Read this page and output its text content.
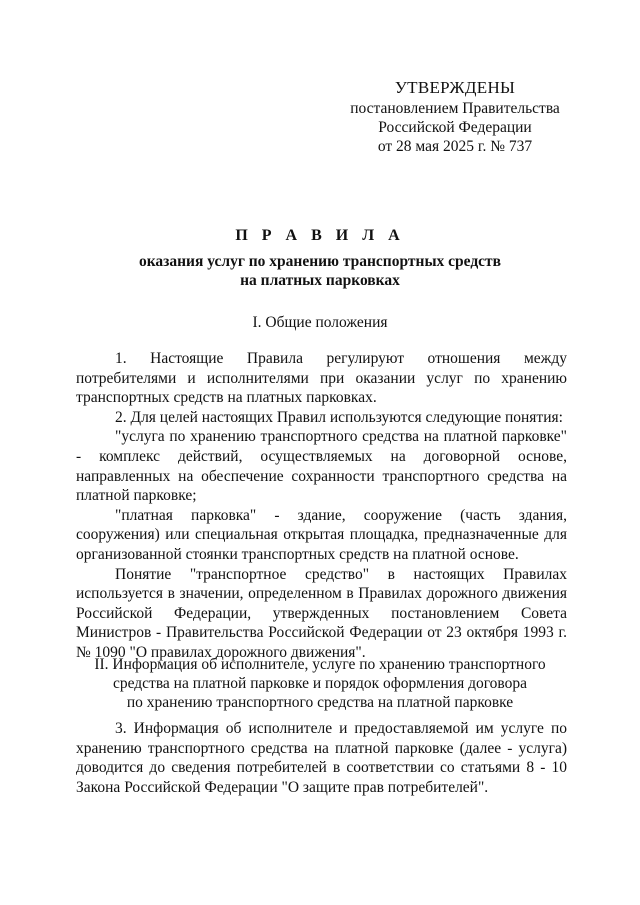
УТВЕРЖДЕНЫ
постановлением Правительства
Российской Федерации
от 28 мая 2025 г. № 737
П Р А В И Л А
оказания услуг по хранению транспортных средств
на платных парковках
I. Общие положения

1. Настоящие Правила регулируют отношения между потребителями и исполнителями при оказании услуг по хранению транспортных средств на платных парковках.

2. Для целей настоящих Правил используются следующие понятия:

"услуга по хранению транспортного средства на платной парковке" - комплекс действий, осуществляемых на договорной основе, направленных на обеспечение сохранности транспортного средства на платной парковке;

"платная парковка" - здание, сооружение (часть здания, сооружения) или специальная открытая площадка, предназначенные для организованной стоянки транспортных средств на платной основе.

Понятие "транспортное средство" в настоящих Правилах используется в значении, определенном в Правилах дорожного движения Российской Федерации, утвержденных постановлением Совета Министров - Правительства Российской Федерации от 23 октября 1993 г. № 1090 "О правилах дорожного движения".

II. Информация об исполнителе, услуге по хранению транспортного
средства на платной парковке и порядок оформления договора
по хранению транспортного средства на платной парковке

3. Информация об исполнителе и предоставляемой им услуге по хранению транспортного средства на платной парковке (далее - услуга) доводится до сведения потребителей в соответствии со статьями 8 - 10 Закона Российской Федерации "О защите прав потребителей".
